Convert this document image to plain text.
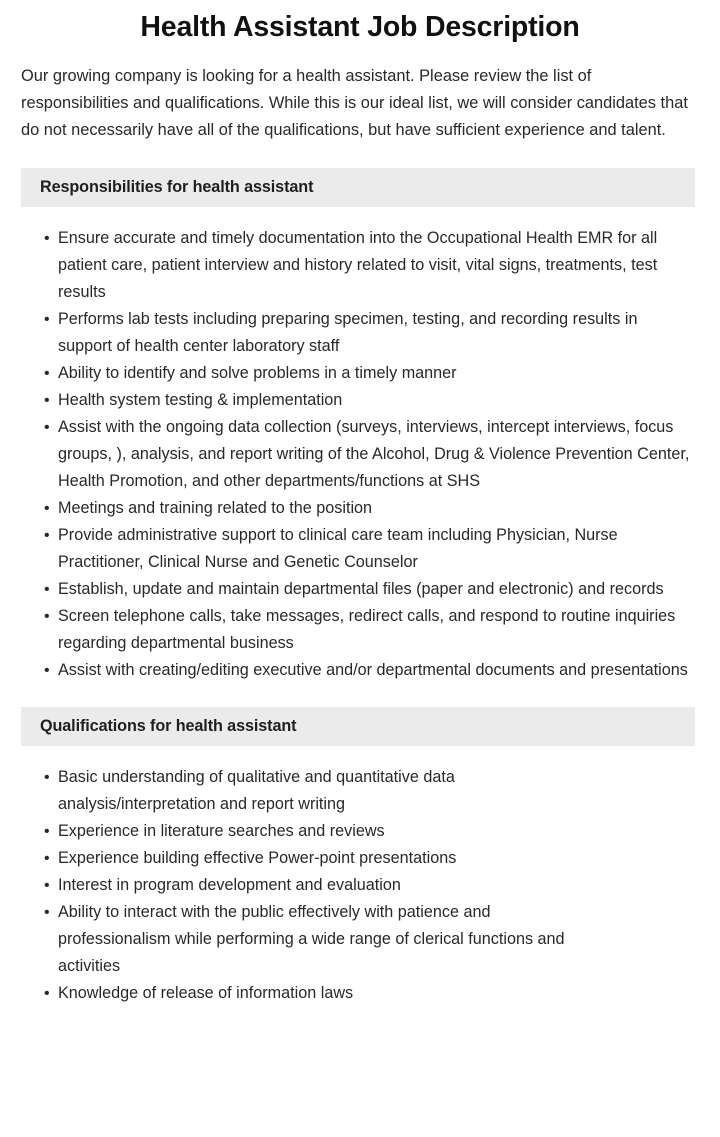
Health Assistant Job Description

Our growing company is looking for a health assistant. Please review the list of responsibilities and qualifications. While this is our ideal list, we will consider candidates that do not necessarily have all of the qualifications, but have sufficient experience and talent.

Responsibilities for health assistant
• Ensure accurate and timely documentation into the Occupational Health EMR for all patient care, patient interview and history related to visit, vital signs, treatments, test results
• Performs lab tests including preparing specimen, testing, and recording results in support of health center laboratory staff
• Ability to identify and solve problems in a timely manner
• Health system testing & implementation
• Assist with the ongoing data collection (surveys, interviews, intercept interviews, focus groups, ), analysis, and report writing of the Alcohol, Drug & Violence Prevention Center, Health Promotion, and other departments/functions at SHS
• Meetings and training related to the position
• Provide administrative support to clinical care team including Physician, Nurse Practitioner, Clinical Nurse and Genetic Counselor
• Establish, update and maintain departmental files (paper and electronic) and records
• Screen telephone calls, take messages, redirect calls, and respond to routine inquiries regarding departmental business
• Assist with creating/editing executive and/or departmental documents and presentations
Qualifications for health assistant
• Basic understanding of qualitative and quantitative data analysis/interpretation and report writing
• Experience in literature searches and reviews
• Experience building effective Power-point presentations
• Interest in program development and evaluation
• Ability to interact with the public effectively with patience and professionalism while performing a wide range of clerical functions and activities
• Knowledge of release of information laws
